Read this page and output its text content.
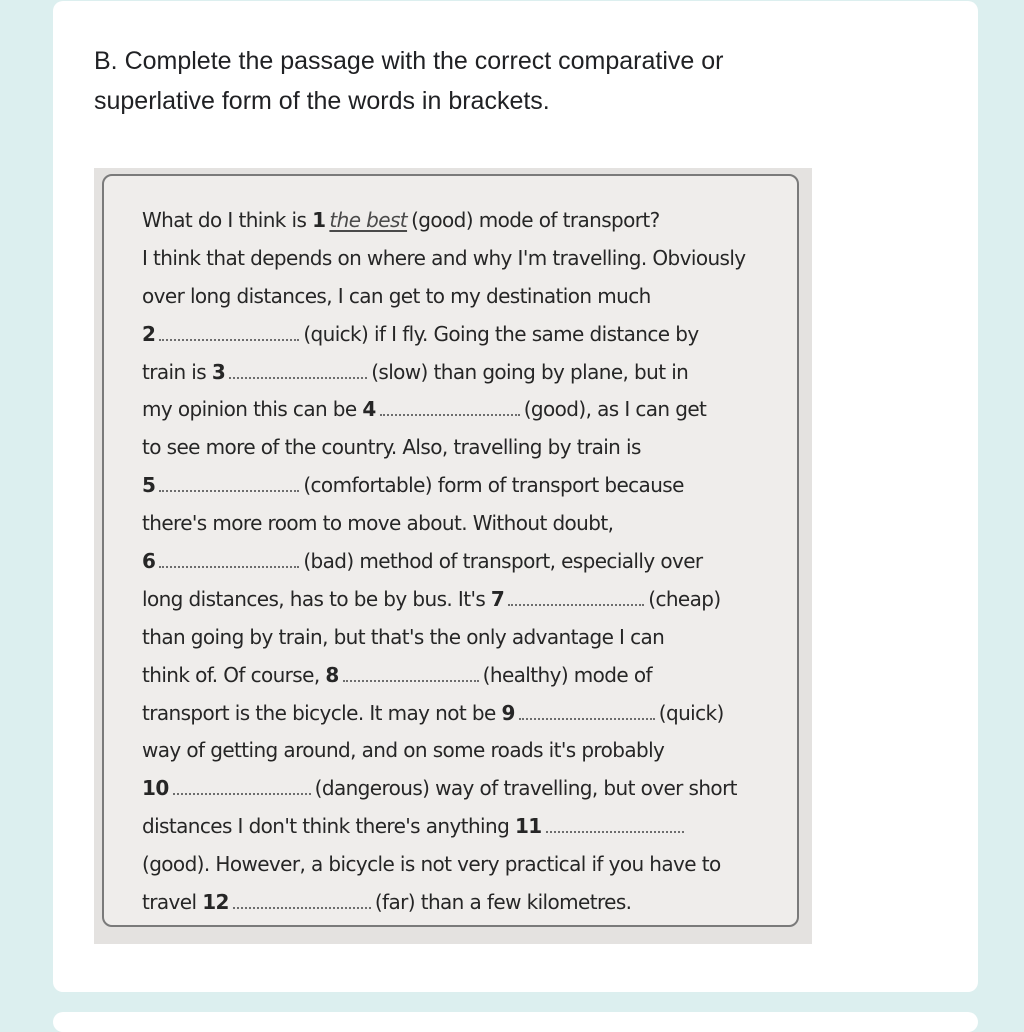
B. Complete the passage with the correct comparative or
superlative form of the words in brackets.
What do I think is 1 the best (good) mode of transport?
I think that depends on where and why I'm travelling. Obviously
over long distances, I can get to my destination much
2	(quick) if I fly. Going the same distance by
train is 3	(slow) than going by plane, but in
my opinion this can be 4	(good), as I can get
to see more of the country. Also, travelling by train is
5	(comfortable) form of transport because
there's more room to move about. Without doubt,
6	(bad) method of transport, especially over
long distances, has to be by bus. It's 7	(cheap)
than going by train, but that's the only advantage I can
think of. Of course, 8	(healthy) mode of
transport is the bicycle. It may not be 9	(quick)
way of getting around, and on some roads it's probably
10	(dangerous) way of travelling, but over short
distances I don't think there's anything 11
(good). However, a bicycle is not very practical if you have to
travel 12	(far) than a few kilometres.
